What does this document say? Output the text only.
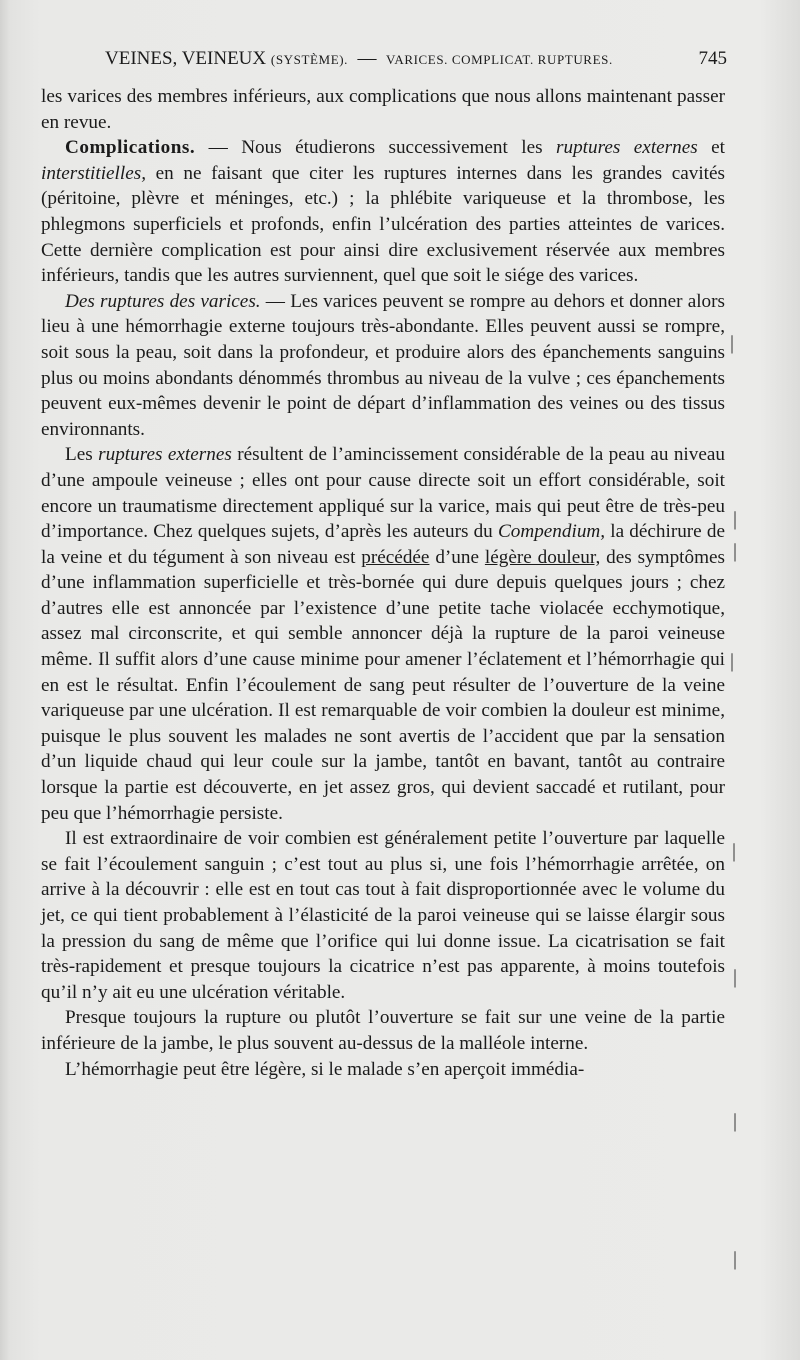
VEINES, VEINEUX (SYSTÈME). — VARICES. COMPLICAT. RUPTURES.	745

les varices des membres inférieurs, aux complications que nous allons maintenant passer en revue.

Complications. — Nous étudierons successivement les ruptures externes et interstitielles, en ne faisant que citer les ruptures internes dans les grandes cavités (péritoine, plèvre et méninges, etc.) ; la phlébite variqueuse et la thrombose, les phlegmons superficiels et profonds, enfin l’ulcération des parties atteintes de varices. Cette dernière complication est pour ainsi dire exclusivement réservée aux membres inférieurs, tandis que les autres surviennent, quel que soit le siége des varices.

Des ruptures des varices. — Les varices peuvent se rompre au dehors et donner alors lieu à une hémorrhagie externe toujours très-abondante. Elles peuvent aussi se rompre, soit sous la peau, soit dans la profondeur, et produire alors des épanchements sanguins plus ou moins abondants dénommés thrombus au niveau de la vulve ; ces épanchements peuvent eux-mêmes devenir le point de départ d’inflammation des veines ou des tissus environnants.

Les ruptures externes résultent de l’amincissement considérable de la peau au niveau d’une ampoule veineuse ; elles ont pour cause directe soit un effort considérable, soit encore un traumatisme directement appliqué sur la varice, mais qui peut être de très-peu d’importance. Chez quelques sujets, d’après les auteurs du Compendium, la déchirure de la veine et du tégument à son niveau est précédée d’une légère douleur, des symptômes d’une inflammation superficielle et très-bornée qui dure depuis quelques jours ; chez d’autres elle est annoncée par l’existence d’une petite tache violacée ecchymotique, assez mal circonscrite, et qui semble annoncer déjà la rupture de la paroi veineuse même. Il suffit alors d’une cause minime pour amener l’éclatement et l’hémorrhagie qui en est le résultat. Enfin l’écoulement de sang peut résulter de l’ouverture de la veine variqueuse par une ulcération. Il est remarquable de voir combien la douleur est minime, puisque le plus souvent les malades ne sont avertis de l’accident que par la sensation d’un liquide chaud qui leur coule sur la jambe, tantôt en bavant, tantôt au contraire lorsque la partie est découverte, en jet assez gros, qui devient saccadé et rutilant, pour peu que l’hémorrhagie persiste.

Il est extraordinaire de voir combien est généralement petite l’ouverture par laquelle se fait l’écoulement sanguin ; c’est tout au plus si, une fois l’hémorrhagie arrêtée, on arrive à la découvrir : elle est en tout cas tout à fait disproportionnée avec le volume du jet, ce qui tient probablement à l’élasticité de la paroi veineuse qui se laisse élargir sous la pression du sang de même que l’orifice qui lui donne issue. La cicatrisation se fait très-rapidement et presque toujours la cicatrice n’est pas apparente, à moins toutefois qu’il n’y ait eu une ulcération véritable.

Presque toujours la rupture ou plutôt l’ouverture se fait sur une veine de la partie inférieure de la jambe, le plus souvent au-dessus de la malléole interne.

L’hémorrhagie peut être légère, si le malade s’en aperçoit immédia-

|
|
|
|
|
|
|
|
